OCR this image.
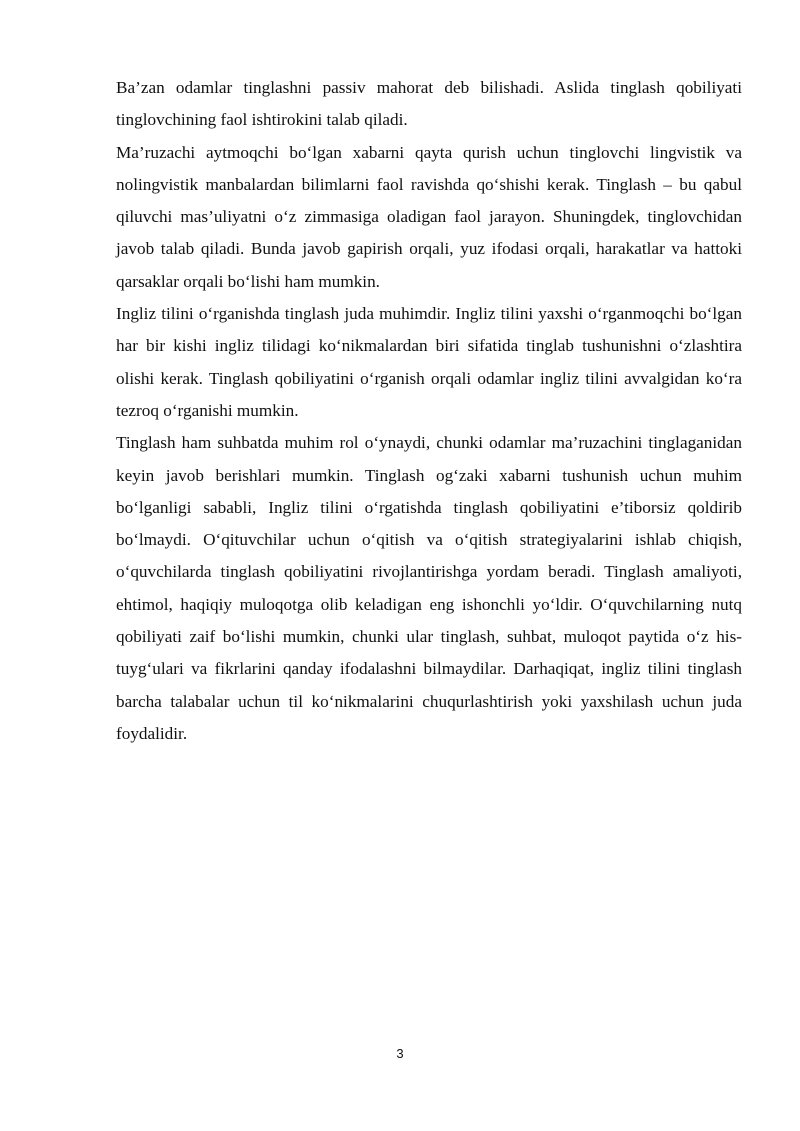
Ba’zan odamlar tinglashni passiv mahorat deb bilishadi. Aslida tinglash qobiliyati tinglovchining faol ishtirokini talab qiladi.

Ma’ruzachi aytmoqchi bo‘lgan xabarni qayta qurish uchun tinglovchi lingvistik va nolingvistik manbalardan bilimlarni faol ravishda qo‘shishi kerak. Tinglash – bu qabul qiluvchi mas’uliyatni o‘z zimmasiga oladigan faol jarayon. Shuningdek, tinglovchidan javob talab qiladi. Bunda javob gapirish orqali, yuz ifodasi orqali, harakatlar va hattoki qarsaklar orqali bo‘lishi ham mumkin.

Ingliz tilini o‘rganishda tinglash juda muhimdir. Ingliz tilini yaxshi o‘rganmoqchi bo‘lgan har bir kishi ingliz tilidagi ko‘nikmalardan biri sifatida tinglab tushunishni o‘zlashtira olishi kerak. Tinglash qobiliyatini o‘rganish orqali odamlar ingliz tilini avvalgidan ko‘ra tezroq o‘rganishi mumkin.

Tinglash ham suhbatda muhim rol o‘ynaydi, chunki odamlar ma’ruzachini tinglaganidan keyin javob berishlari mumkin. Tinglash og‘zaki xabarni tushunish uchun muhim bo‘lganligi sababli, Ingliz tilini o‘rgatishda tinglash qobiliyatini e’tiborsiz qoldirib bo‘lmaydi. O‘qituvchilar uchun o‘qitish va o‘qitish strategiyalarini ishlab chiqish, o‘quvchilarda tinglash qobiliyatini rivojlantirishga yordam beradi. Tinglash amaliyoti, ehtimol, haqiqiy muloqotga olib keladigan eng ishonchli yo‘ldir. O‘quvchilarning nutq qobiliyati zaif bo‘lishi mumkin, chunki ular tinglash, suhbat, muloqot paytida o‘z his-tuyg‘ulari va fikrlarini qanday ifodalashni bilmaydilar. Darhaqiqat, ingliz tilini tinglash barcha talabalar uchun til ko‘nikmalarini chuqurlashtirish yoki yaxshilash uchun juda foydalidir.

3
